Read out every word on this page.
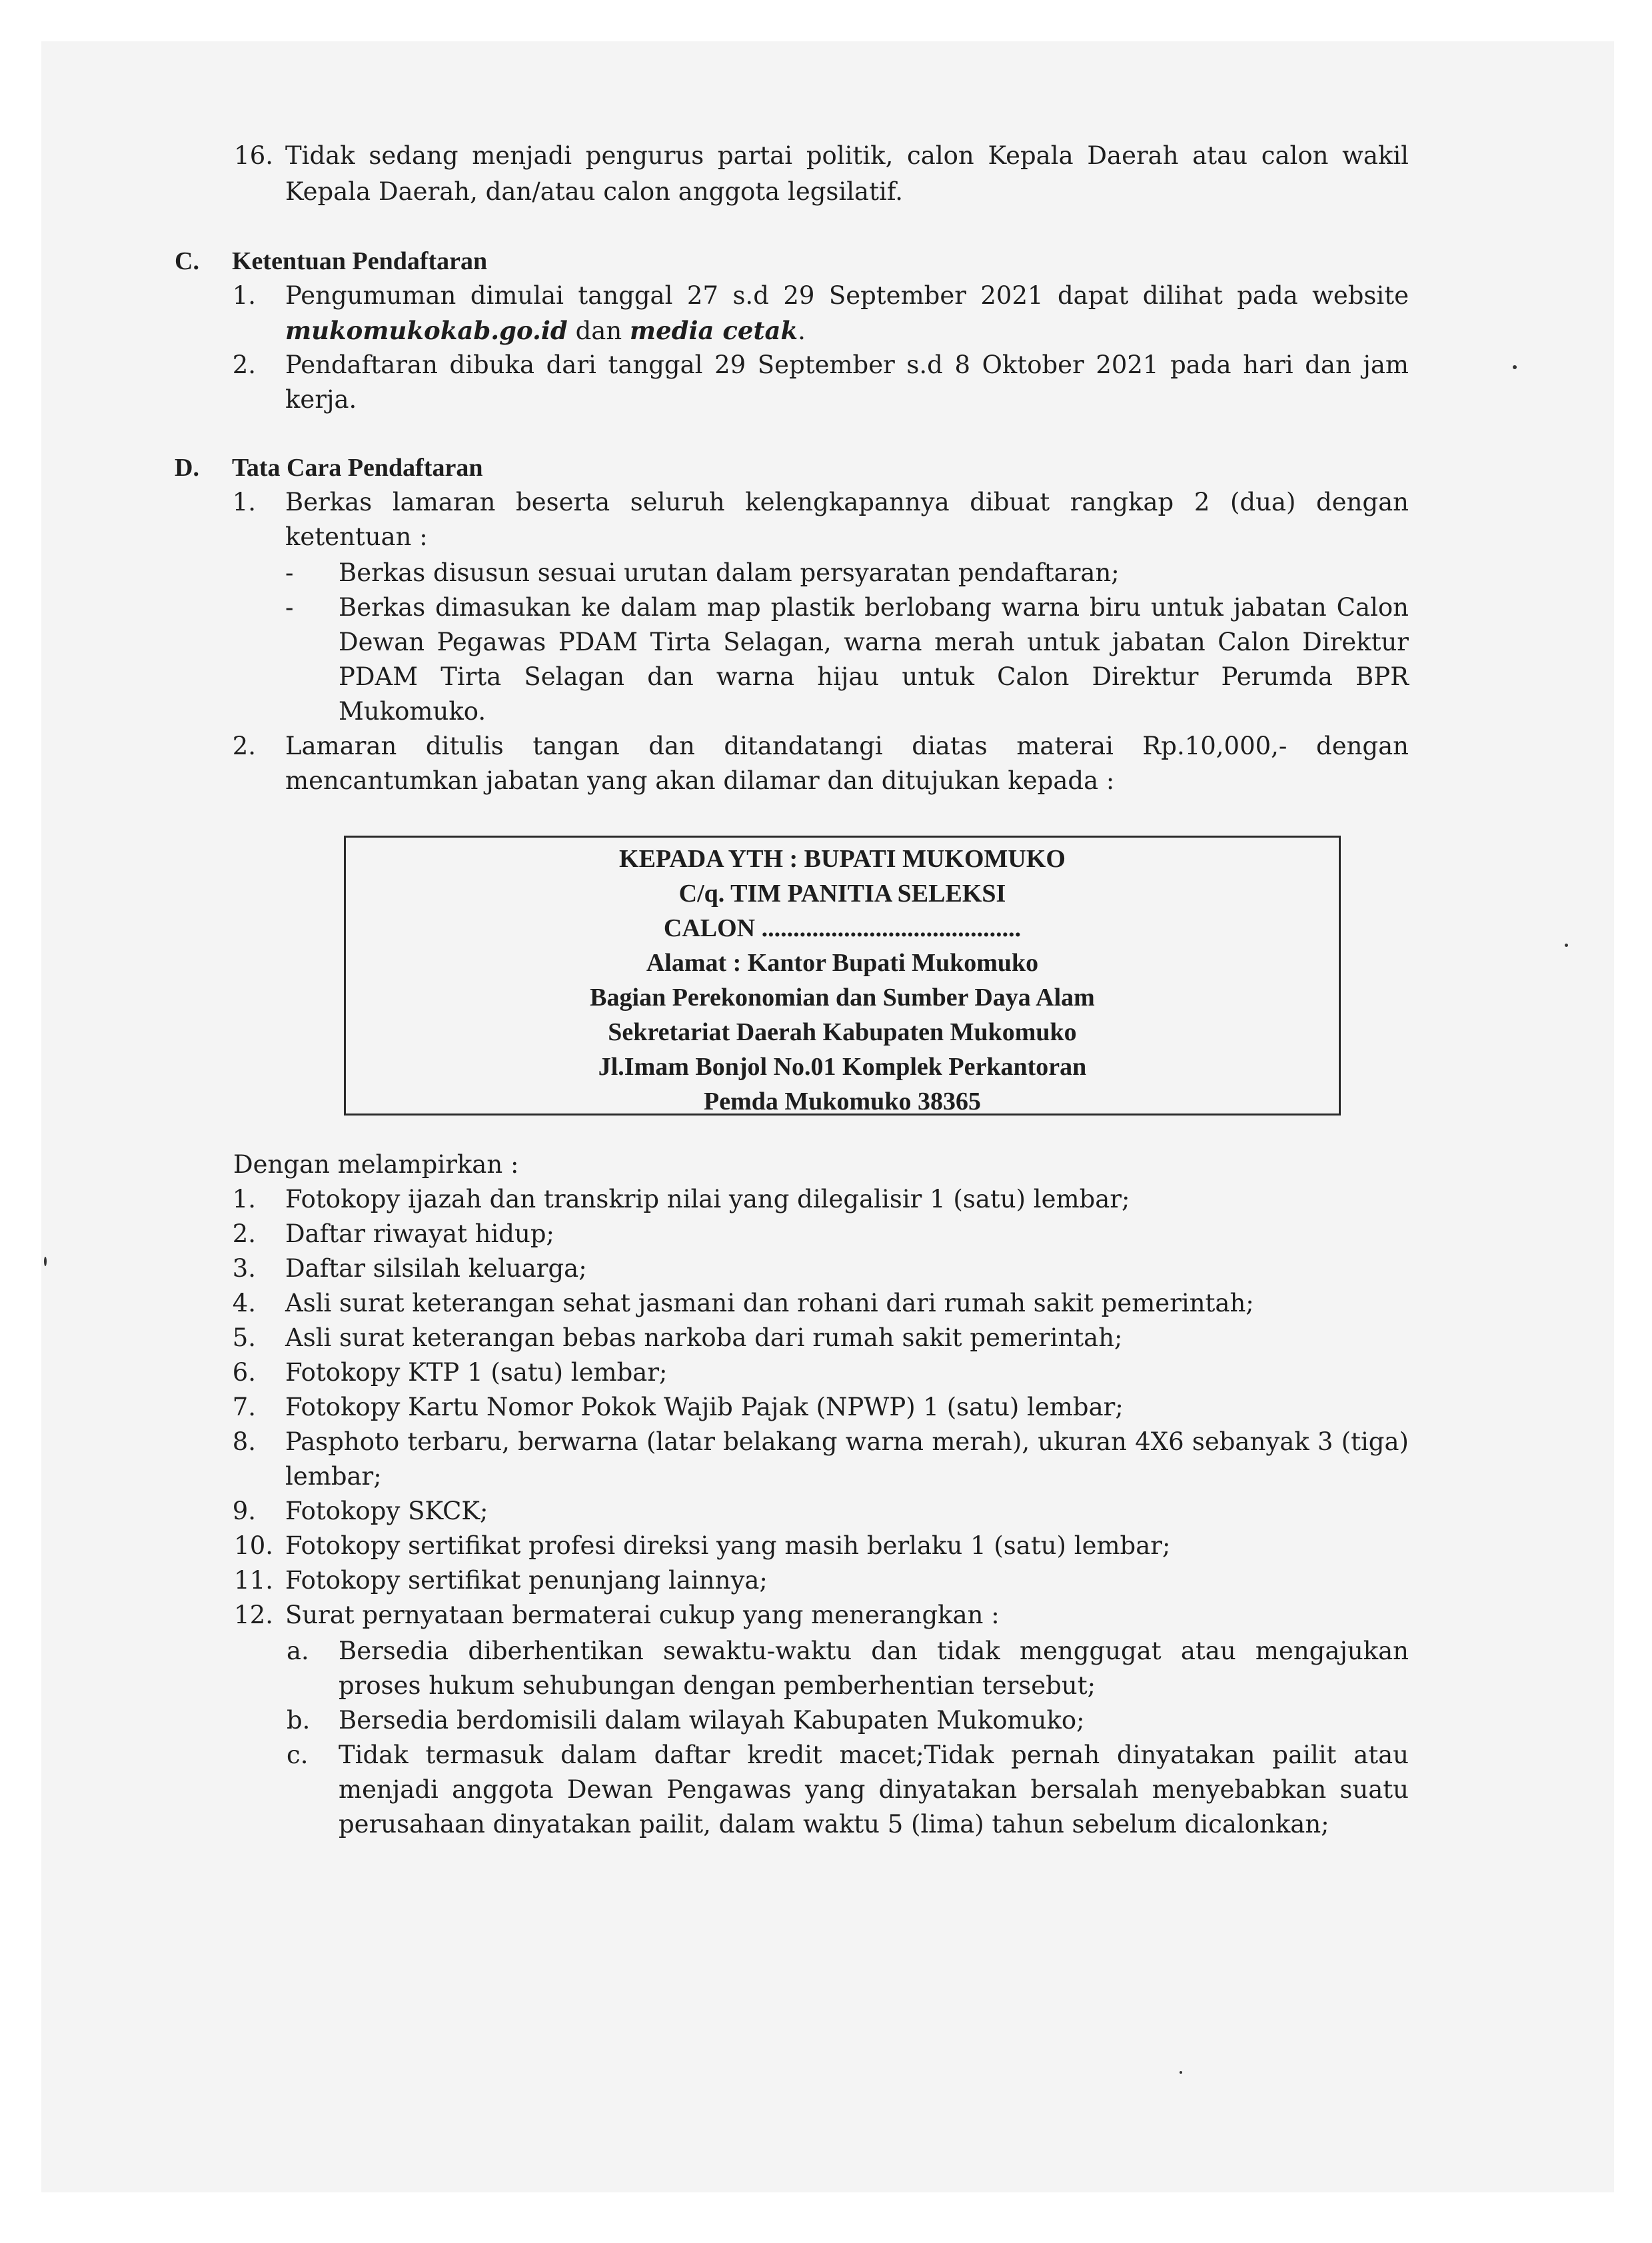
16. Tidak sedang menjadi pengurus partai politik, calon Kepala Daerah atau calon wakil
Kepala Daerah, dan/atau calon anggota legsilatif.
C. Ketentuan Pendaftaran
1. Pengumuman dimulai tanggal 27 s.d 29 September 2021 dapat dilihat pada website
mukomukokab.go.id dan media cetak.
2. Pendaftaran dibuka dari tanggal 29 September s.d 8 Oktober 2021 pada hari dan jam
kerja.
D. Tata Cara Pendaftaran
1. Berkas lamaran beserta seluruh kelengkapannya dibuat rangkap 2 (dua) dengan
ketentuan :
- Berkas disusun sesuai urutan dalam persyaratan pendaftaran;
- Berkas dimasukan ke dalam map plastik berlobang warna biru untuk jabatan Calon
Dewan Pegawas PDAM Tirta Selagan, warna merah untuk jabatan Calon Direktur
PDAM Tirta Selagan dan warna hijau untuk Calon Direktur Perumda BPR
Mukomuko.
2. Lamaran ditulis tangan dan ditandatangi diatas materai Rp.10,000,- dengan
mencantumkan jabatan yang akan dilamar dan ditujukan kepada :
KEPADA YTH : BUPATI MUKOMUKO
C/q. TIM PANITIA SELEKSI
CALON .........................................
Alamat : Kantor Bupati Mukomuko
Bagian Perekonomian dan Sumber Daya Alam
Sekretariat Daerah Kabupaten Mukomuko
Jl.Imam Bonjol No.01 Komplek Perkantoran
Pemda Mukomuko 38365
Dengan melampirkan :
1. Fotokopy ijazah dan transkrip nilai yang dilegalisir 1 (satu) lembar;
2. Daftar riwayat hidup;
3. Daftar silsilah keluarga;
4. Asli surat keterangan sehat jasmani dan rohani dari rumah sakit pemerintah;
5. Asli surat keterangan bebas narkoba dari rumah sakit pemerintah;
6. Fotokopy KTP 1 (satu) lembar;
7. Fotokopy Kartu Nomor Pokok Wajib Pajak (NPWP) 1 (satu) lembar;
8. Pasphoto terbaru, berwarna (latar belakang warna merah), ukuran 4X6 sebanyak 3 (tiga)
lembar;
9. Fotokopy SKCK;
10. Fotokopy sertifikat profesi direksi yang masih berlaku 1 (satu) lembar;
11. Fotokopy sertifikat penunjang lainnya;
12. Surat pernyataan bermaterai cukup yang menerangkan :
a. Bersedia diberhentikan sewaktu-waktu dan tidak menggugat atau mengajukan
proses hukum sehubungan dengan pemberhentian tersebut;
b. Bersedia berdomisili dalam wilayah Kabupaten Mukomuko;
c. Tidak termasuk dalam daftar kredit macet;Tidak pernah dinyatakan pailit atau
menjadi anggota Dewan Pengawas yang dinyatakan bersalah menyebabkan suatu
perusahaan dinyatakan pailit, dalam waktu 5 (lima) tahun sebelum dicalonkan;
